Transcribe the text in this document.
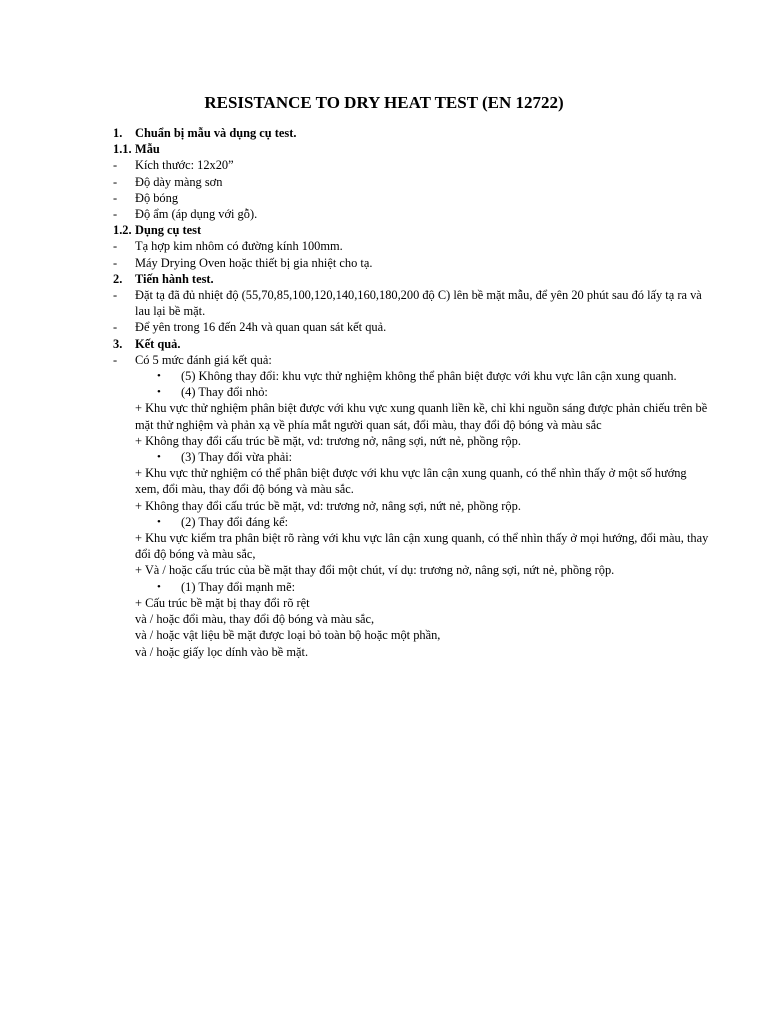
RESISTANCE TO DRY HEAT TEST (EN 12722)
1. Chuẩn bị mẫu và dụng cụ test.
1.1. Mẫu
- Kích thước: 12x20”
- Độ dày màng sơn
- Độ bóng
- Độ ẩm (áp dụng với gỗ).
1.2. Dụng cụ test
- Tạ hợp kim nhôm có đường kính 100mm.
- Máy Drying Oven hoặc thiết bị gia nhiệt cho tạ.
2. Tiến hành test.
- Đặt tạ đã đủ nhiệt độ (55,70,85,100,120,140,160,180,200 độ C) lên bề mặt mẫu, để yên 20 phút sau đó lấy tạ ra và lau lại bề mặt.
- Để yên trong 16 đến 24h và quan quan sát kết quả.
3. Kết quả.
- Có 5 mức đánh giá kết quả:
• (5) Không thay đổi: khu vực thử nghiệm không thể phân biệt được với khu vực lân cận xung quanh.
• (4) Thay đổi nhỏ:
+ Khu vực thử nghiệm phân biệt được với khu vực xung quanh liền kề, chỉ khi nguồn sáng được phản chiếu trên bề mặt thử nghiệm và phản xạ về phía mắt người quan sát, đổi màu, thay đổi độ bóng và màu sắc
+ Không thay đổi cấu trúc bề mặt, vd: trương nở, nâng sợi, nứt nẻ, phồng rộp.
• (3) Thay đổi vừa phải:
+ Khu vực thử nghiệm có thể phân biệt được với khu vực lân cận xung quanh, có thể nhìn thấy ở một số hướng xem, đổi màu, thay đổi độ bóng và màu sắc.
+ Không thay đổi cấu trúc bề mặt, vd: trương nở, nâng sợi, nứt nẻ, phồng rộp.
• (2) Thay đổi đáng kể:
+ Khu vực kiểm tra phân biệt rõ ràng với khu vực lân cận xung quanh, có thể nhìn thấy ở mọi hướng, đổi màu, thay đổi độ bóng và màu sắc,
+ Và / hoặc cấu trúc của bề mặt thay đổi một chút, ví dụ: trương nở, nâng sợi, nứt nẻ, phồng rộp.
• (1) Thay đổi mạnh mẽ:
+ Cấu trúc bề mặt bị thay đổi rõ rệt
và / hoặc đổi màu, thay đổi độ bóng và màu sắc,
và / hoặc vật liệu bề mặt được loại bỏ toàn bộ hoặc một phần,
và / hoặc giấy lọc dính vào bề mặt.
